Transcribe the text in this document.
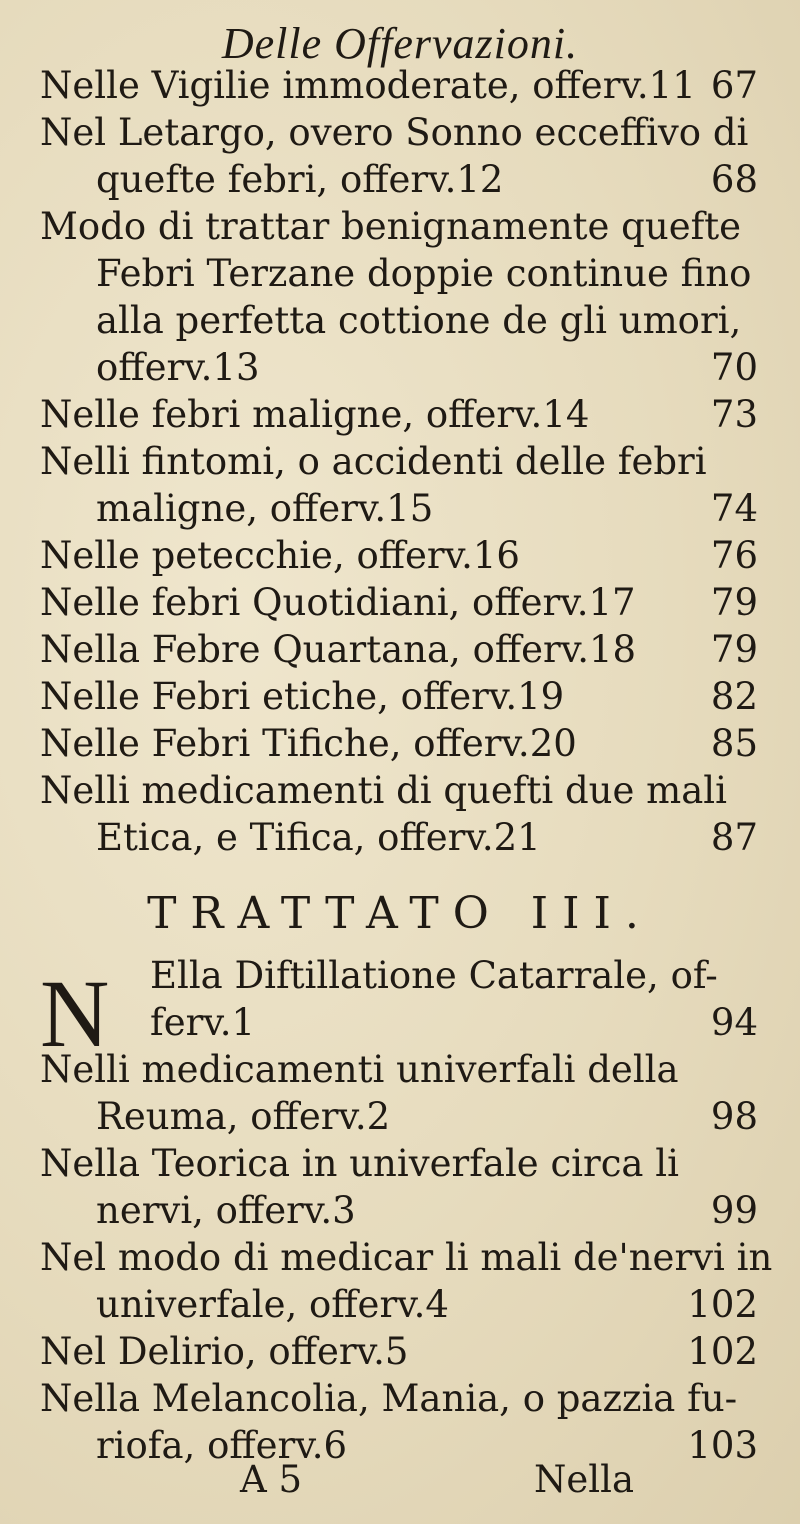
Delle Offervazioni.
Nelle Vigilie immoderate, offerv.11 67
Nel Letargo, overo Sonno ecceffivo di
quefte febri, offerv.12	68
Modo di trattar benignamente quefte
Febri Terzane doppie continue fino
alla perfetta cottione de gli umori,
offerv.13	70
Nelle febri maligne, offerv.14	73
Nelli fintomi, o accidenti delle febri
maligne, offerv.15	74
Nelle petecchie, offerv.16	76
Nelle febri Quotidiani, offerv.17 79
Nella Febre Quartana, offerv.18 79
Nelle Febri etiche, offerv.19	82
Nelle Febri Tifiche, offerv.20	85
Nelli medicamenti di quefti due mali
Etica, e Tifica, offerv.21	87
TRATTATO III.
N Ella Diftillatione Catarrale, of-
ferv.1	94
Nelli medicamenti univerfali della
Reuma, offerv.2	98
Nella Teorica in univerfale circa li
nervi, offerv.3	99
Nel modo di medicar li mali de'nervi in
univerfale, offerv.4	102
Nel Delirio, offerv.5	102
Nella Melancolia, Mania, o pazzia fu-
riofa, offerv.6	103
A 5	Nella
